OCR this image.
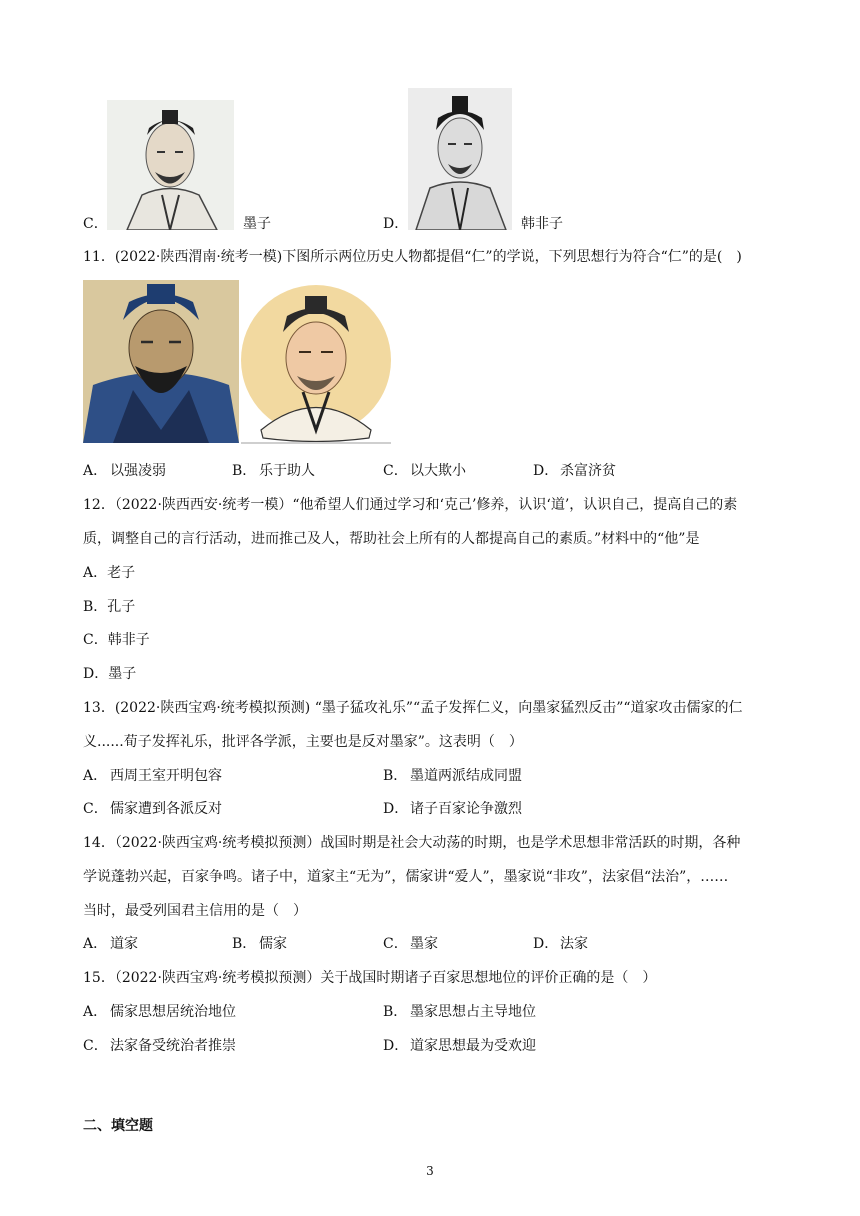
C．	墨子	D．	韩非子
11．(2022·陕西渭南·统考一模)下图所示两位历史人物都提倡“仁”的学说，下列思想行为符合“仁”的是(　)
A． 以强凌弱	B． 乐于助人	C． 以大欺小	D． 杀富济贫
12．（2022·陕西西安·统考一模）“他希望人们通过学习和‘克己’修养，认识‘道’，认识自己，提高自己的素
质，调整自己的言行活动，进而推己及人，帮助社会上所有的人都提高自己的素质。”材料中的“他”是
A．老子
B．孔子
C．韩非子
D．墨子
13．(2022·陕西宝鸡·统考模拟预测) “墨子猛攻礼乐”“孟子发挥仁义，向墨家猛烈反击”“道家攻击儒家的仁
义......荀子发挥礼乐，批评各学派，主要也是反对墨家”。这表明（　）
A． 西周王室开明包容	B． 墨道两派结成同盟
C． 儒家遭到各派反对	D． 诸子百家论争激烈
14．（2022·陕西宝鸡·统考模拟预测）战国时期是社会大动荡的时期，也是学术思想非常活跃的时期，各种
学说蓬勃兴起，百家争鸣。诸子中，道家主“无为”，儒家讲“爱人”，墨家说“非攻”，法家倡“法治”，……
当时，最受列国君主信用的是（　）
A． 道家	B． 儒家	C． 墨家	D． 法家
15．（2022·陕西宝鸡·统考模拟预测）关于战国时期诸子百家思想地位的评价正确的是（　）
A． 儒家思想居统治地位	B． 墨家思想占主导地位
C． 法家备受统治者推崇	D． 道家思想最为受欢迎
二、填空题
3
